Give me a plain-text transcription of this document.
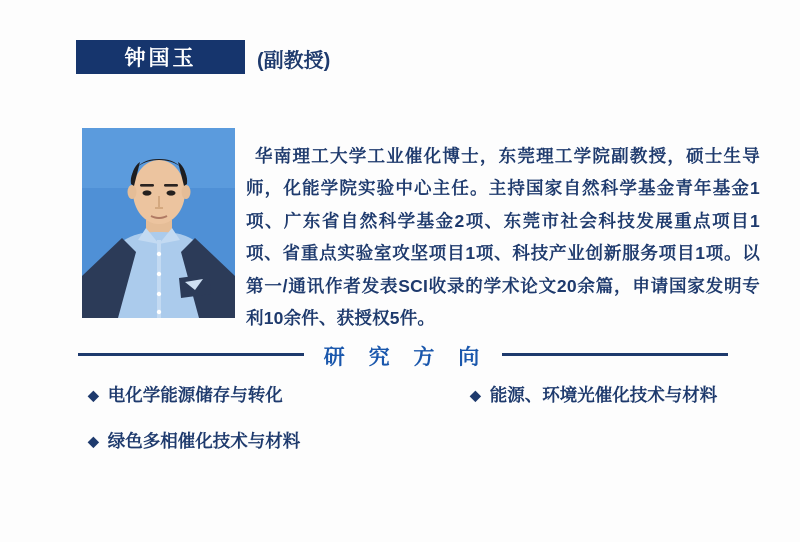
钟国玉	(副教授)

华南理工大学工业催化博士，东莞理工学院副教授，硕士生导师，化能学院实验中心主任。主持国家自然科学基金青年基金1项、广东省自然科学基金2项、东莞市社会科技发展重点项目1项、省重点实验室攻坚项目1项、科技产业创新服务项目1项。以第一/通讯作者发表SCI收录的学术论文20余篇，申请国家发明专利10余件、获授权5件。

研 究 方 向
◆ 电化学能源储存与转化	◆ 能源、环境光催化技术与材料
◆ 绿色多相催化技术与材料
